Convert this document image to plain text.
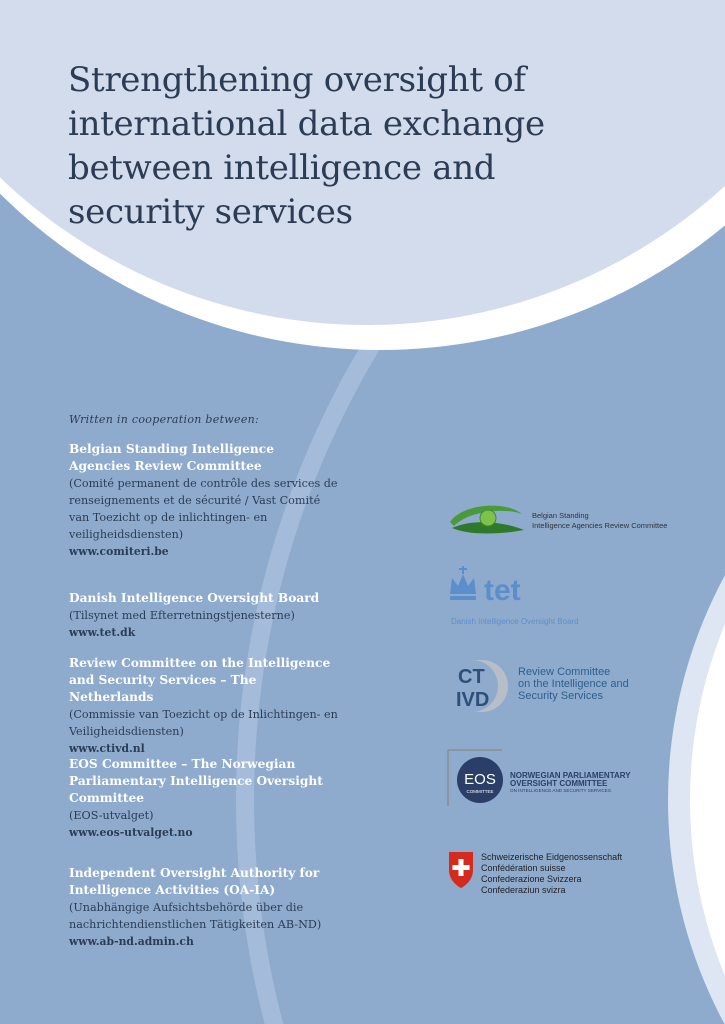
Strengthening oversight of international data exchange between intelligence and security services
Written in cooperation between:
Belgian Standing Intelligence Agencies Review Committee
(Comité permanent de contrôle des services de renseignements et de sécurité / Vast Comité van Toezicht op de inlichtingen- en veiligheidsdiensten)
www.comiteri.be
Danish Intelligence Oversight Board
(Tilsynet med Efterretningstjenesterne)
www.tet.dk
Review Committee on the Intelligence and Security Services – The Netherlands
(Commissie van Toezicht op de Inlichtingen- en Veiligheidsdiensten)
www.ctivd.nl
EOS Committee – The Norwegian Parliamentary Intelligence Oversight Committee
(EOS-utvalget)
www.eos-utvalget.no
Independent Oversight Authority for Intelligence Activities (OA-IA)
(Unabhängige Aufsichtsbehörde über die nachrichtendienstlichen Tätigkeiten AB-ND)
www.ab-nd.admin.ch
Belgian Standing
Intelligence Agencies Review Committee
tet
Danish Intelligence Oversight Board
CT
IVD
Review Committee
on the Intelligence and
Security Services
EOS
COMMITTEE
NORWEGIAN PARLIAMENTARY
OVERSIGHT COMMITTEE
ON INTELLIGENCE AND SECURITY SERVICES
Schweizerische Eidgenossenschaft
Confédération suisse
Confederazione Svizzera
Confederaziun svizra
